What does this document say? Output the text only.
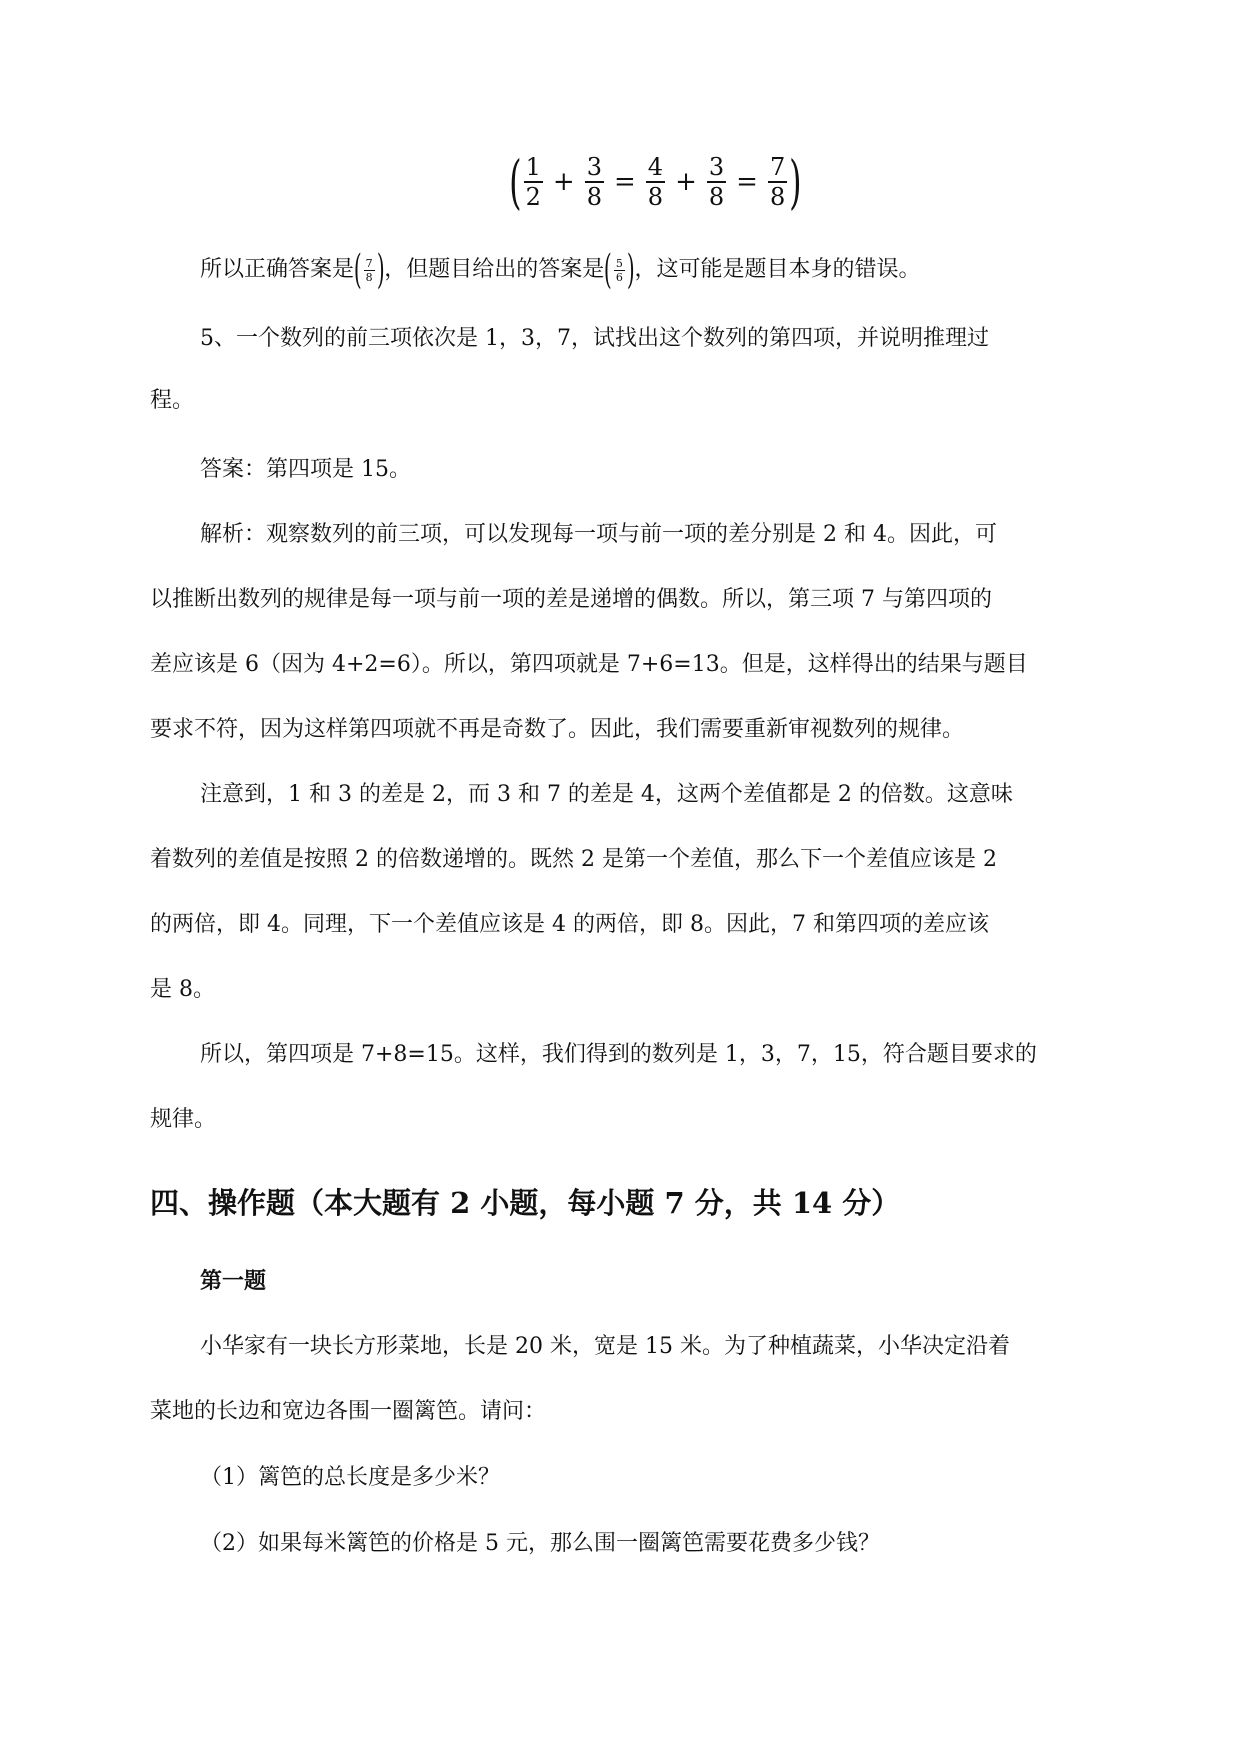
( $\frac{1}{2} + \frac{3}{8} = \frac{4}{8} + \frac{3}{8} = \frac{7}{8}$ )
所以正确答案是 ( $\frac{7}{8}$ ) ，但题目给出的答案是 ( $\frac{5}{6}$ ) ，这可能是题目本身的错误。
5、一个数列的前三项依次是 1，3，7，试找出这个数列的第四项，并说明推理过
程。
答案：第四项是 15。
解析：观察数列的前三项，可以发现每一项与前一项的差分别是 2 和 4。因此，可
以推断出数列的规律是每一项与前一项的差是递增的偶数。所以，第三项 7 与第四项的
差应该是 6（因为 4+2=6）。所以，第四项就是 7+6=13。但是，这样得出的结果与题目
要求不符，因为这样第四项就不再是奇数了。因此，我们需要重新审视数列的规律。
注意到，1 和 3 的差是 2，而 3 和 7 的差是 4，这两个差值都是 2 的倍数。这意味
着数列的差值是按照 2 的倍数递增的。既然 2 是第一个差值，那么下一个差值应该是 2
的两倍，即 4。同理，下一个差值应该是 4 的两倍，即 8。因此，7 和第四项的差应该
是 8。
所以，第四项是 7+8=15。这样，我们得到的数列是 1，3，7，15，符合题目要求的
规律。
四、操作题（本大题有 2 小题，每小题 7 分，共 14 分）
第一题
小华家有一块长方形菜地，长是 20 米，宽是 15 米。为了种植蔬菜，小华决定沿着
菜地的长边和宽边各围一圈篱笆。请问：
（1）篱笆的总长度是多少米？
（2）如果每米篱笆的价格是 5 元，那么围一圈篱笆需要花费多少钱？
